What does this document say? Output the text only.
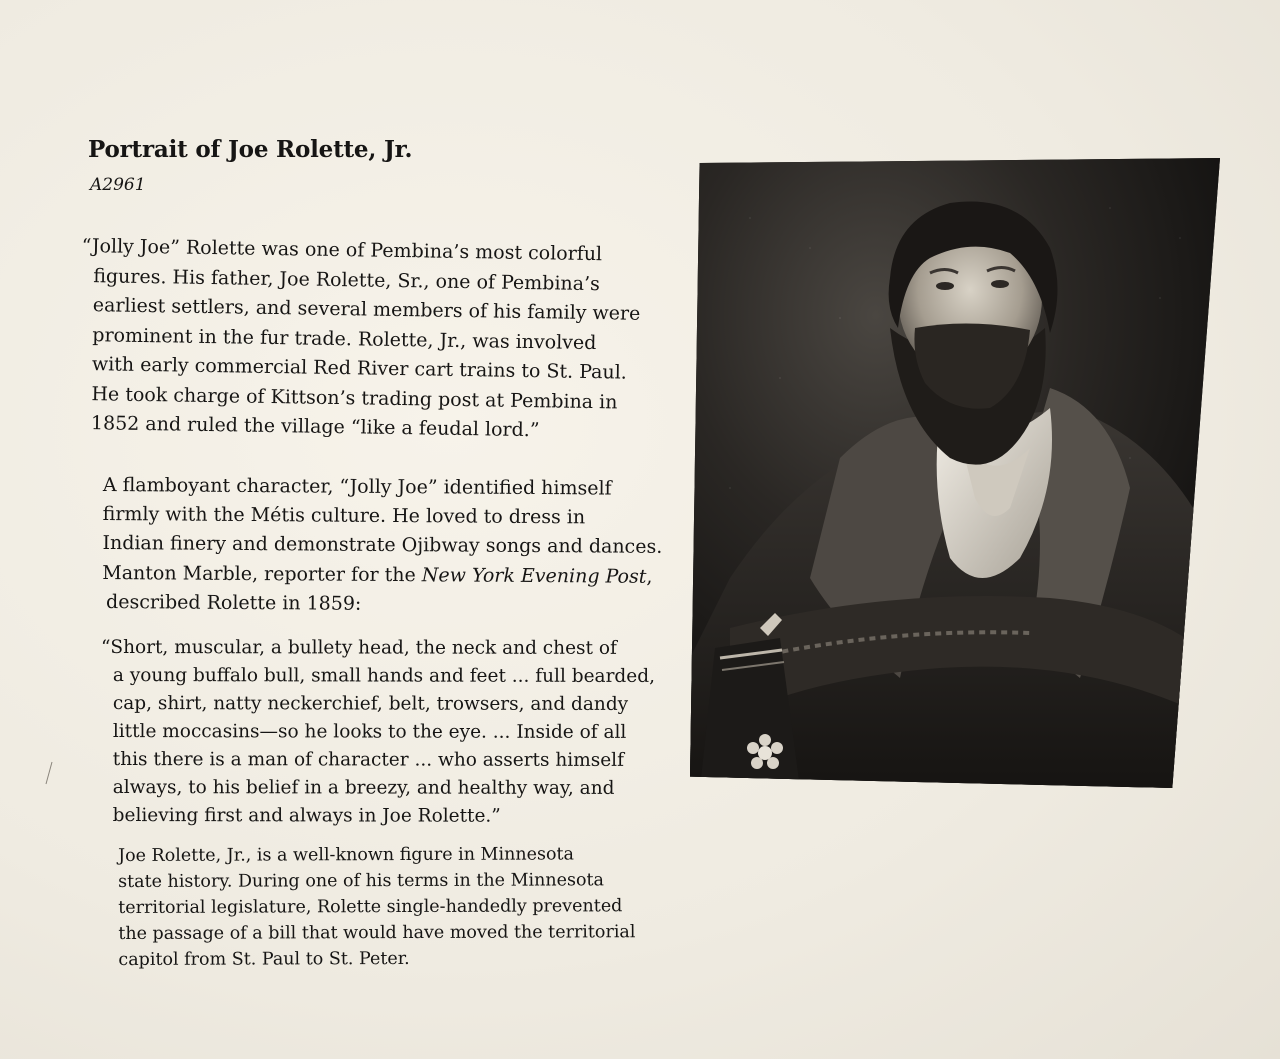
Portrait of Joe Rolette, Jr.

A2961

“Jolly Joe” Rolette was one of Pembina’s most colorful
figures. His father, Joe Rolette, Sr., one of Pembina’s
earliest settlers, and several members of his family were
prominent in the fur trade. Rolette, Jr., was involved
with early commercial Red River cart trains to St. Paul.
He took charge of Kittson’s trading post at Pembina in
1852 and ruled the village “like a feudal lord.”
A flamboyant character, “Jolly Joe” identified himself
firmly with the Métis culture. He loved to dress in
Indian finery and demonstrate Ojibway songs and dances.
Manton Marble, reporter for the New York Evening Post,
described Rolette in 1859:
“Short, muscular, a bullety head, the neck and chest of
a young buffalo bull, small hands and feet ... full bearded,
cap, shirt, natty neckerchief, belt, trowsers, and dandy
little moccasins—so he looks to the eye. ... Inside of all
this there is a man of character ... who asserts himself
always, to his belief in a breezy, and healthy way, and
believing first and always in Joe Rolette.”
Joe Rolette, Jr., is a well-known figure in Minnesota
state history. During one of his terms in the Minnesota
territorial legislature, Rolette single-handedly prevented
the passage of a bill that would have moved the territorial
capitol from St. Paul to St. Peter.
